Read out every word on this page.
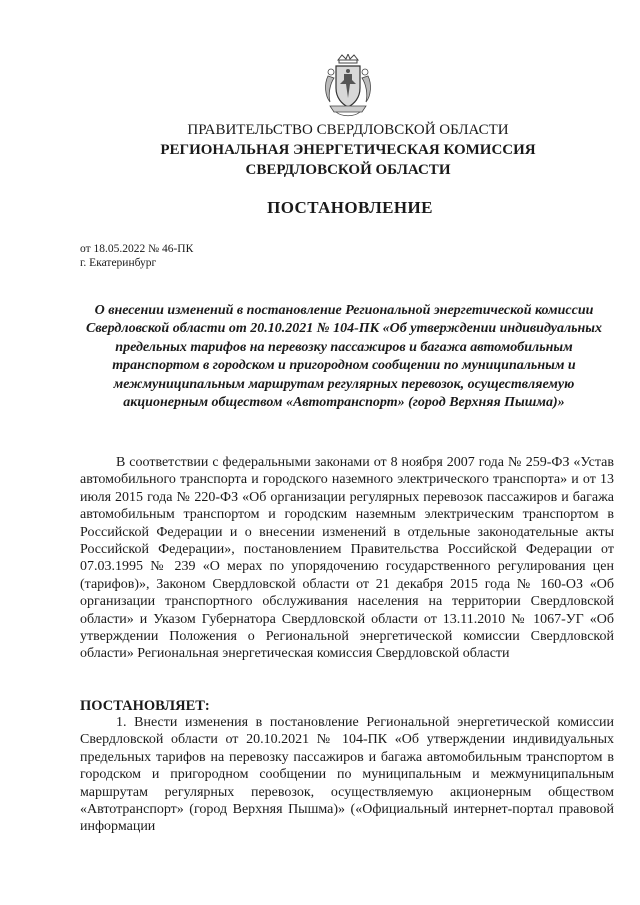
ПРАВИТЕЛЬСТВО СВЕРДЛОВСКОЙ ОБЛАСТИ
РЕГИОНАЛЬНАЯ ЭНЕРГЕТИЧЕСКАЯ КОМИССИЯ
СВЕРДЛОВСКОЙ ОБЛАСТИ
ПОСТАНОВЛЕНИЕ
от 18.05.2022 № 46-ПК
г. Екатеринбург
О внесении изменений в постановление Региональной энергетической комиссии Свердловской области от 20.10.2021 № 104-ПК «Об утверждении индивидуальных предельных тарифов на перевозку пассажиров и багажа автомобильным транспортом в городском и пригородном сообщении по муниципальным и межмуниципальным маршрутам регулярных перевозок, осуществляемую акционерным обществом «Автотранспорт» (город Верхняя Пышма)»

В соответствии с федеральными законами от 8 ноября 2007 года № 259-ФЗ «Устав автомобильного транспорта и городского наземного электрического транспорта» и от 13 июля 2015 года № 220-ФЗ «Об организации регулярных перевозок пассажиров и багажа автомобильным транспортом и городским наземным электрическим транспортом в Российской Федерации и о внесении изменений в отдельные законодательные акты Российской Федерации», постановлением Правительства Российской Федерации от 07.03.1995 № 239 «О мерах по упорядочению государственного регулирования цен (тарифов)», Законом Свердловской области от 21 декабря 2015 года № 160-ОЗ «Об организации транспортного обслуживания населения на территории Свердловской области» и Указом Губернатора Свердловской области от 13.11.2010 № 1067-УГ «Об утверждении Положения о Региональной энергетической комиссии Свердловской области» Региональная энергетическая комиссия Свердловской области

ПОСТАНОВЛЯЕТ:

1. Внести изменения в постановление Региональной энергетической комиссии Свердловской области от 20.10.2021 № 104-ПК «Об утверждении индивидуальных предельных тарифов на перевозку пассажиров и багажа автомобильным транспортом в городском и пригородном сообщении по муниципальным и межмуниципальным маршрутам регулярных перевозок, осуществляемую акционерным обществом «Автотранспорт» (город Верхняя Пышма)» («Официальный интернет-портал правовой информации
